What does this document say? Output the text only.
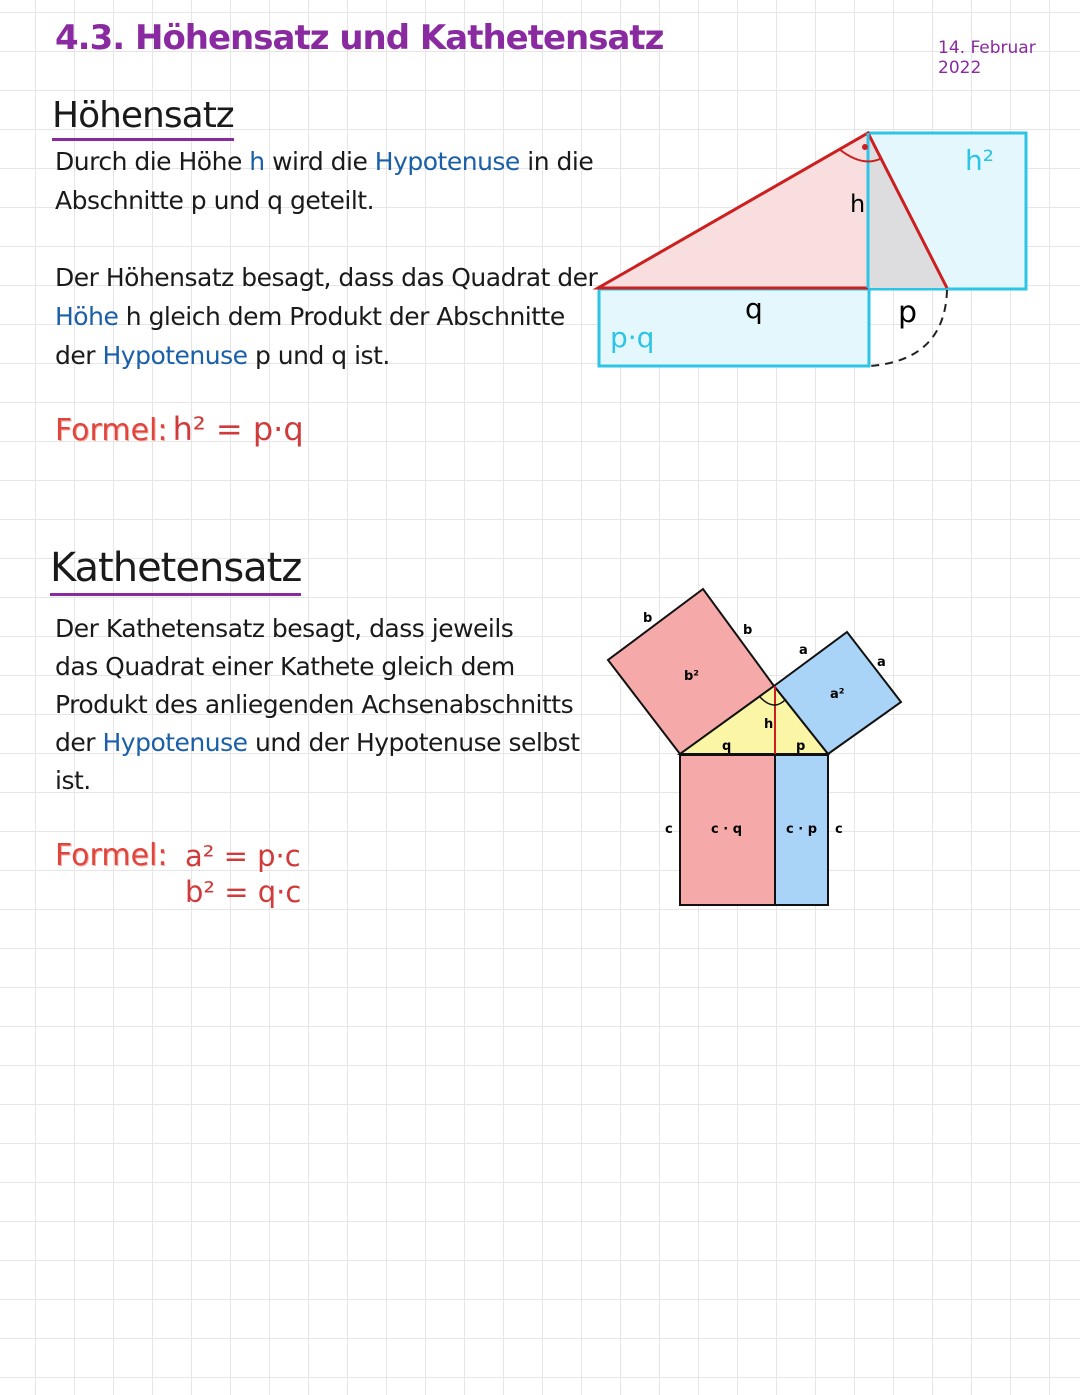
4.3. Höhensatz und Kathetensatz	14. Februar 2022
Höhensatz
Durch die Höhe h wird die Hypotenuse in die
Abschnitte p und q geteilt.
Der Höhensatz besagt, dass das Quadrat der
Höhe h gleich dem Produkt der Abschnitte
der Hypotenuse p und q ist.
Formel: h² = p·q
h
h²
q	p
p·q
b
b
b²
a
a
a²
h
q	p
c	c
c · q	c · p
Kathetensatz
Der Kathetensatz besagt, dass jeweils
das Quadrat einer Kathete gleich dem
Produkt des anliegenden Achsenabschnitts
der Hypotenuse und der Hypotenuse selbst
ist.
Formel: a² = p·c
b² = q·c
